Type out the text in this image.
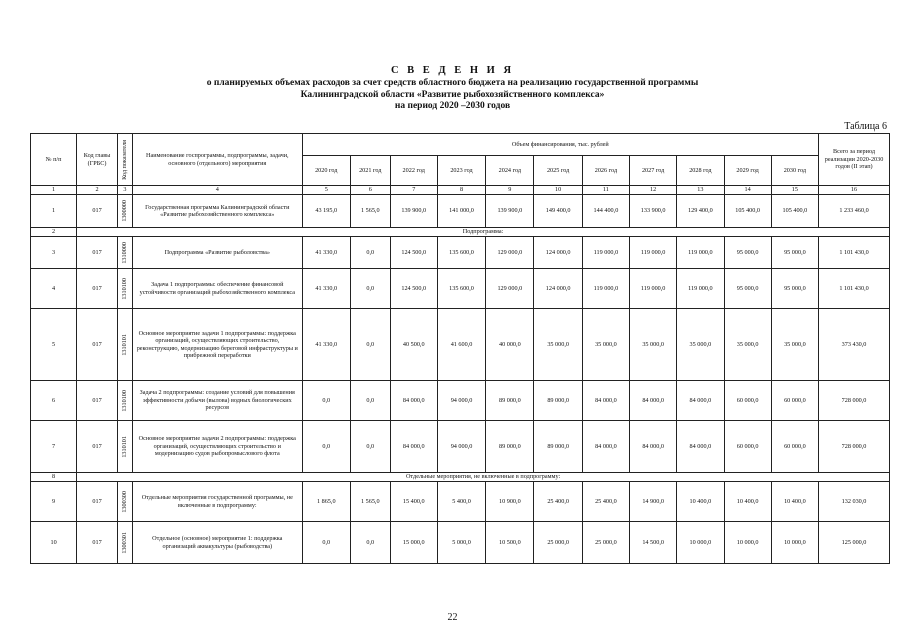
С В Е Д Е Н И Я
о планируемых объемах расходов за счет средств областного бюджета на реализацию государственной программы
Калининградской области «Развитие рыбохозяйственного комплекса»
на период 2020 –2030 годов
Таблица 6
№ п/п	Код главы (ГРБС)	Код показателя	Наименование госпрограммы, подпрограммы, задачи, основного (отдельного) мероприятия	Объем финансирования, тыс. рублей											Всего за период реализации 2020-2030 годов (II этап)
				2020 год	2021 год	2022 год	2023 год	2024 год	2025 год	2026 год	2027 год	2028 год	2029 год	2030 год	
1	2	3	4	5	6	7	8	9	10	11	12	13	14	15	16
1	017	1300000	Государственная программа Калининградской области «Развитие рыбохозяйственного комплекса»	43 195,0	1 565,0	139 900,0	141 000,0	139 900,0	149 400,0	144 400,0	133 900,0	129 400,0	105 400,0	105 400,0	1 233 460,0
2	Подпрограмма:														
3	017	1310000	Подпрограмма «Развитие рыболовства»	41 330,0	0,0	124 500,0	135 600,0	129 000,0	124 000,0	119 000,0	119 000,0	119 000,0	95 000,0	95 000,0	1 101 430,0
4	017	1310100	Задача 1 подпрограммы: обеспечение финансовой устойчивости организаций рыбохозяйственного комплекса	41 330,0	0,0	124 500,0	135 600,0	129 000,0	124 000,0	119 000,0	119 000,0	119 000,0	95 000,0	95 000,0	1 101 430,0
5	017	1310101	Основное мероприятие задачи 1 подпрограммы: поддержка организаций, осуществляющих строительство, реконструкцию, модернизацию береговой инфраструктуры и прибрежной переработки	41 330,0	0,0	40 500,0	41 600,0	40 000,0	35 000,0	35 000,0	35 000,0	35 000,0	35 000,0	35 000,0	373 430,0
6	017	1310100	Задача 2 подпрограммы: создание условий для повышения эффективности добычи (вылова) водных биологических ресурсов	0,0	0,0	84 000,0	94 000,0	89 000,0	89 000,0	84 000,0	84 000,0	84 000,0	60 000,0	60 000,0	728 000,0
7	017	1310101	Основное мероприятие задачи 2 подпрограммы: поддержка организаций, осуществляющих строительство и модернизацию судов рыбопромыслового флота	0,0	0,0	84 000,0	94 000,0	89 000,0	89 000,0	84 000,0	84 000,0	84 000,0	60 000,0	60 000,0	728 000,0
8	Отдельные мероприятия, не включенные в подпрограмму:														
9	017	1300300	Отдельные мероприятия государственной программы, не включенные в подпрограмму:	1 865,0	1 565,0	15 400,0	5 400,0	10 900,0	25 400,0	25 400,0	14 900,0	10 400,0	10 400,0	10 400,0	132 030,0
10	017	1300301	Отдельное (основное) мероприятие 1: поддержка организаций аквакультуры (рыбоводства)	0,0	0,0	15 000,0	5 000,0	10 500,0	25 000,0	25 000,0	14 500,0	10 000,0	10 000,0	10 000,0	125 000,0
22
